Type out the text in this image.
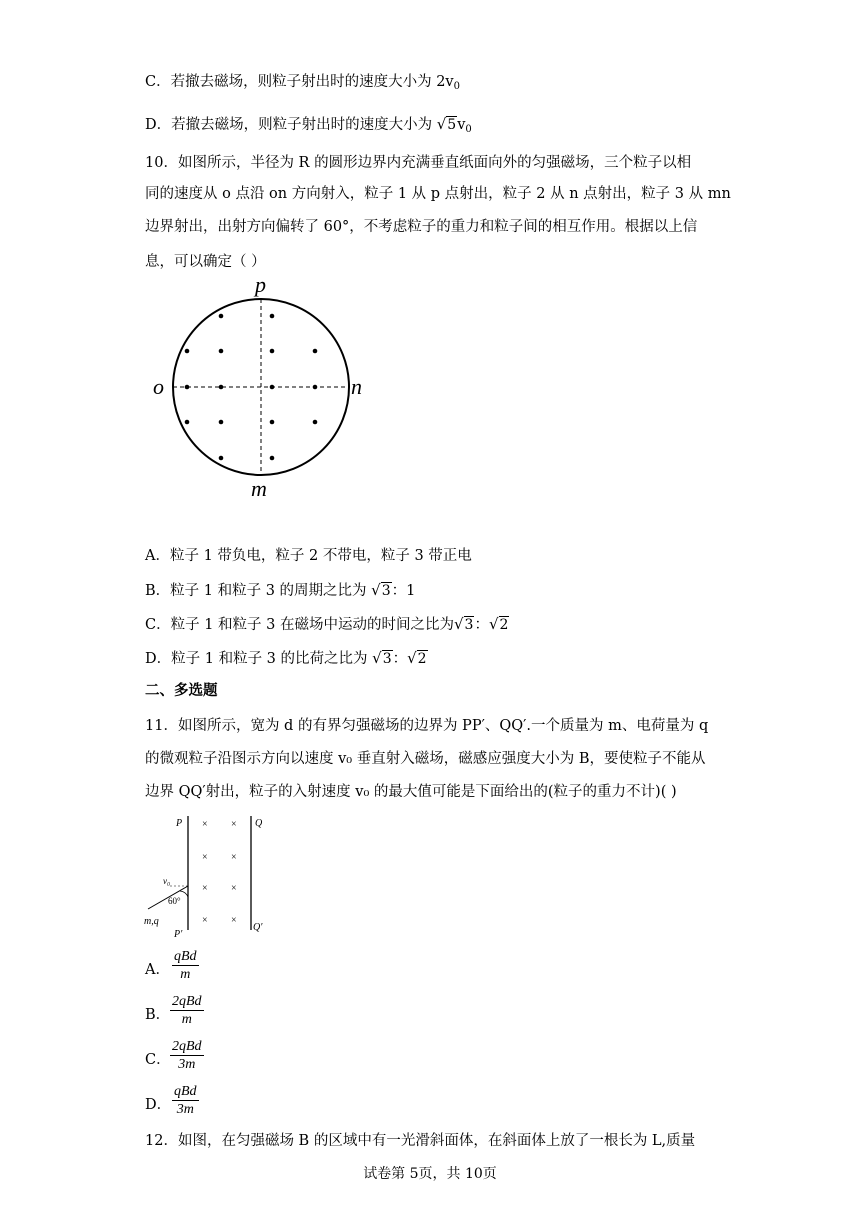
C．若撤去磁场，则粒子射出时的速度大小为 $2v_0$
D．若撤去磁场，则粒子射出时的速度大小为 $√5v_0$
10．如图所示，半径为 R 的圆形边界内充满垂直纸面向外的匀强磁场，三个粒子以相
同的速度从 o 点沿 on 方向射入，粒子 1 从 p 点射出，粒子 2 从 n 点射出，粒子 3 从 mn
边界射出，出射方向偏转了 60°，不考虑粒子的重力和粒子间的相互作用。根据以上信
息，可以确定（ ）
p
o	n
m
A．粒子 1 带负电，粒子 2 不带电，粒子 3 带正电
B．粒子 1 和粒子 3 的周期之比为 √3：1
C．粒子 1 和粒子 3 在磁场中运动的时间之比为√3：√2
D．粒子 1 和粒子 3 的比荷之比为 √3：√2
二、多选题
11．如图所示，宽为 d 的有界匀强磁场的边界为 PP′、QQ′.一个质量为 m、电荷量为 q
的微观粒子沿图示方向以速度 v₀ 垂直射入磁场，磁感应强度大小为 B，要使粒子不能从
边界 QQ′射出，粒子的入射速度 v₀ 的最大值可能是下面给出的(粒子的重力不计)( )
× ×
× ×
× ×
× ×
P	Q
P′
Q′
v₀
60°
m,q
A．
qBd
m
B．
2qBd
m
C．
2qBd
3m
D．
qBd
3m
12．如图，在匀强磁场 B 的区域中有一光滑斜面体，在斜面体上放了一根长为 L,质量
试卷第 5页，共 10页
